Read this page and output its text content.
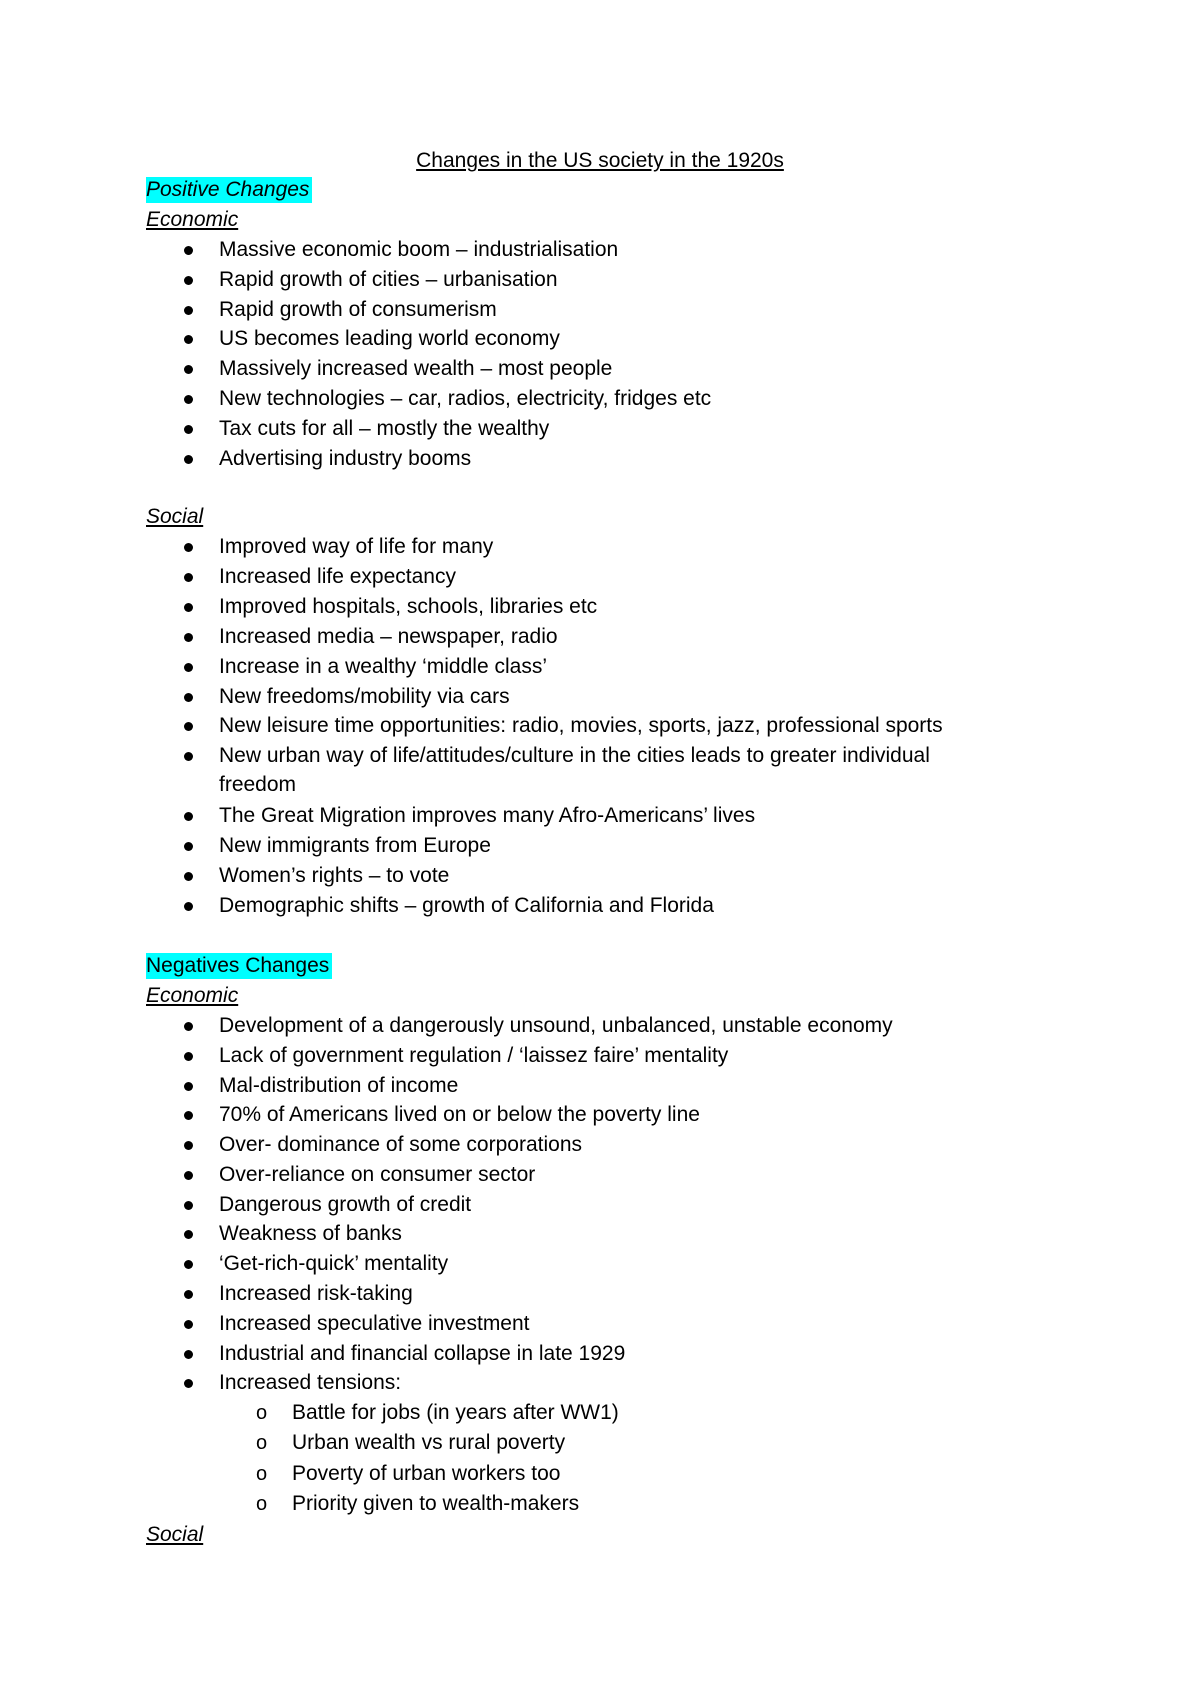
Changes in the US society in the 1920s
Positive Changes
Economic
Massive economic boom – industrialisation
Rapid growth of cities – urbanisation
Rapid growth of consumerism
US becomes leading world economy
Massively increased wealth – most people
New technologies – car, radios, electricity, fridges etc
Tax cuts for all – mostly the wealthy
Advertising industry booms
Social
Improved way of life for many
Increased life expectancy
Improved hospitals, schools, libraries etc
Increased media – newspaper, radio
Increase in a wealthy ‘middle class’
New freedoms/mobility via cars
New leisure time opportunities: radio, movies, sports, jazz, professional sports
New urban way of life/attitudes/culture in the cities leads to greater individual
freedom
The Great Migration improves many Afro-Americans’ lives
New immigrants from Europe
Women’s rights – to vote
Demographic shifts – growth of California and Florida
Negatives Changes
Economic
Development of a dangerously unsound, unbalanced, unstable economy
Lack of government regulation / ‘laissez faire’ mentality
Mal-distribution of income
70% of Americans lived on or below the poverty line
Over- dominance of some corporations
Over-reliance on consumer sector
Dangerous growth of credit
Weakness of banks
‘Get-rich-quick’ mentality
Increased risk-taking
Increased speculative investment
Industrial and financial collapse in late 1929
Increased tensions:
o Battle for jobs (in years after WW1)
o Urban wealth vs rural poverty
o Poverty of urban workers too
o Priority given to wealth-makers
Social
